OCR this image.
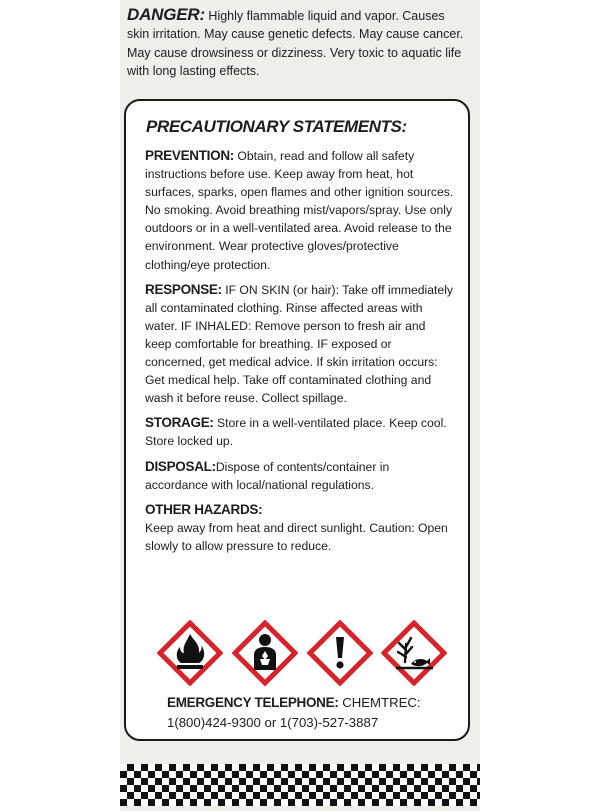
DANGER: Highly flammable liquid and vapor. Causes skin irritation. May cause genetic defects. May cause cancer. May cause drowsiness or dizziness. Very toxic to aquatic life with long lasting effects.

PRECAUTIONARY STATEMENTS:

PREVENTION: Obtain, read and follow all safety instructions before use. Keep away from heat, hot surfaces, sparks, open flames and other ignition sources. No smoking. Avoid breathing mist/vapors/spray. Use only outdoors or in a well-ventilated area. Avoid release to the environment. Wear protective gloves/protective clothing/eye protection.

RESPONSE: IF ON SKIN (or hair): Take off immediately all contaminated clothing. Rinse affected areas with water. IF INHALED: Remove person to fresh air and keep comfortable for breathing. IF exposed or concerned, get medical advice. If skin irritation occurs: Get medical help. Take off contaminated clothing and wash it before reuse. Collect spillage.

STORAGE: Store in a well-ventilated place. Keep cool. Store locked up.

DISPOSAL:Dispose of contents/container in accordance with local/national regulations.

OTHER HAZARDS:
Keep away from heat and direct sunlight. Caution: Open slowly to allow pressure to reduce.

EMERGENCY TELEPHONE: CHEMTREC:
1(800)424-9300 or 1(703)-527-3887
